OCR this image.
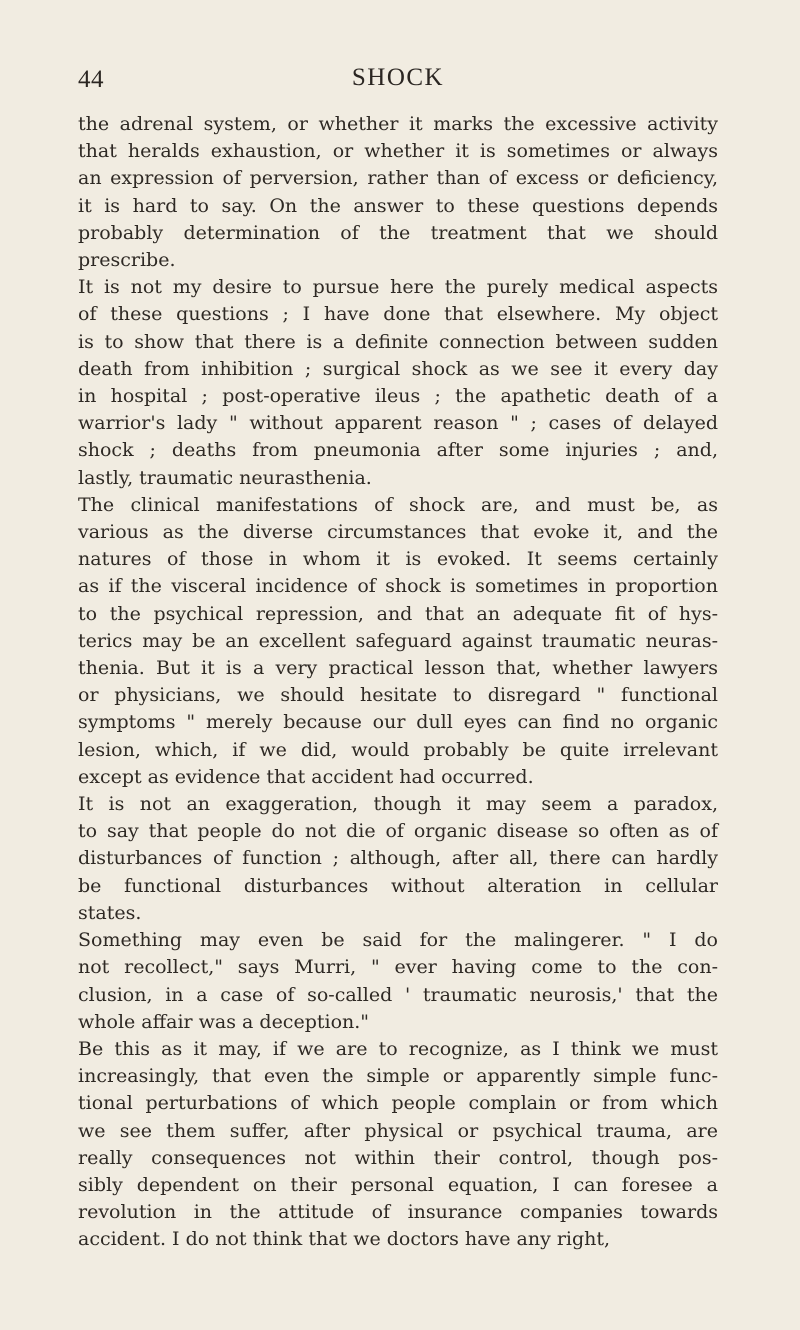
44	SHOCK

the adrenal system, or whether it marks the excessive activity
that heralds exhaustion, or whether it is sometimes or always
an expression of perversion, rather than of excess or deficiency,
it is hard to say. On the answer to these questions depends
probably determination of the treatment that we should
prescribe.

It is not my desire to pursue here the purely medical aspects
of these questions ; I have done that elsewhere. My object
is to show that there is a definite connection between sudden
death from inhibition ; surgical shock as we see it every day
in hospital ; post-operative ileus ; the apathetic death of a
warrior's lady " without apparent reason " ; cases of delayed
shock ; deaths from pneumonia after some injuries ; and,
lastly, traumatic neurasthenia.

The clinical manifestations of shock are, and must be, as
various as the diverse circumstances that evoke it, and the
natures of those in whom it is evoked. It seems certainly
as if the visceral incidence of shock is sometimes in proportion
to the psychical repression, and that an adequate fit of hys-
terics may be an excellent safeguard against traumatic neuras-
thenia. But it is a very practical lesson that, whether lawyers
or physicians, we should hesitate to disregard " functional
symptoms " merely because our dull eyes can find no organic
lesion, which, if we did, would probably be quite irrelevant
except as evidence that accident had occurred.

It is not an exaggeration, though it may seem a paradox,
to say that people do not die of organic disease so often as of
disturbances of function ; although, after all, there can hardly
be functional disturbances without alteration in cellular
states.

Something may even be said for the malingerer. " I do
not recollect," says Murri, " ever having come to the con-
clusion, in a case of so-called ' traumatic neurosis,' that the
whole affair was a deception."

Be this as it may, if we are to recognize, as I think we must
increasingly, that even the simple or apparently simple func-
tional perturbations of which people complain or from which
we see them suffer, after physical or psychical trauma, are
really consequences not within their control, though pos-
sibly dependent on their personal equation, I can foresee a
revolution in the attitude of insurance companies towards
accident. I do not think that we doctors have any right,
